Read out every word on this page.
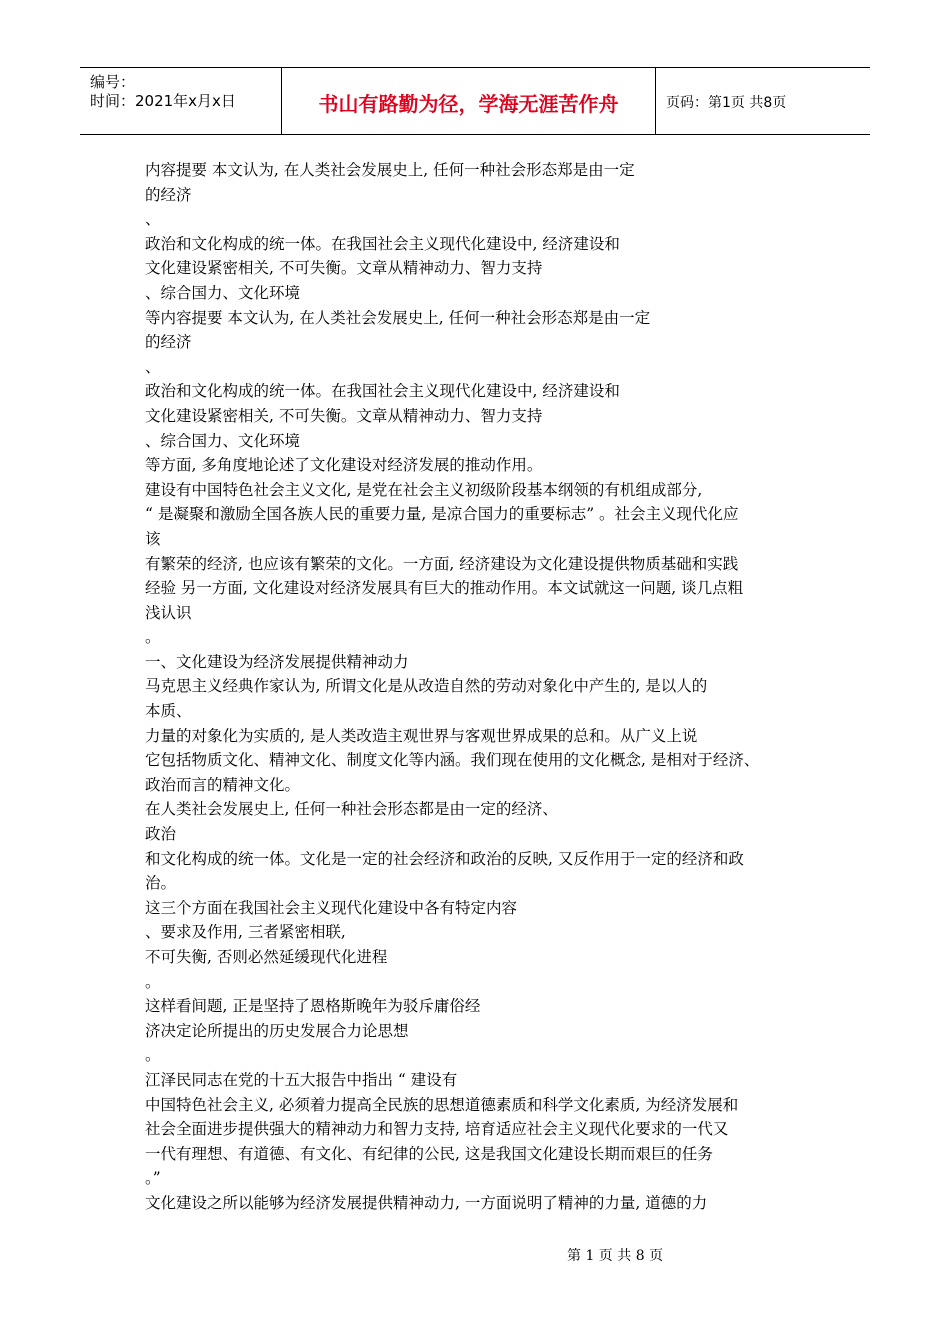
编号：
时间：2021年x月x日	书山有路勤为径，学海无涯苦作舟	页码：第1页 共8页
内容提要 本文认为, 在人类社会发展史上, 任何一种社会形态郑是由一定
的经济
、
政治和文化构成的统一体。在我国社会主义现代化建设中, 经济建设和
文化建设紧密相关, 不可失衡。文章从精神动力、智力支持
、综合国力、文化环境
等内容提要 本文认为, 在人类社会发展史上, 任何一种社会形态郑是由一定
的经济
、
政治和文化构成的统一体。在我国社会主义现代化建设中, 经济建设和
文化建设紧密相关, 不可失衡。文章从精神动力、智力支持
、综合国力、文化环境
等方面, 多角度地论述了文化建设对经济发展的推动作用。
建设有中国特色社会主义文化, 是党在社会主义初级阶段基本纲领的有机组成部分,
“ 是凝聚和激励全国各族人民的重要力量, 是凉合国力的重要标志” 。社会主义现代化应
该
有繁荣的经济, 也应该有繁荣的文化。一方面, 经济建设为文化建设提供物质基础和实践
经验 另一方面, 文化建设对经济发展具有巨大的推动作用。本文试就这一问题, 谈几点粗
浅认识
。
一、文化建设为经济发展提供精神动力
马克思主义经典作家认为, 所谓文化是从改造自然的劳动对象化中产生的, 是以人的
本质、
力量的对象化为实质的, 是人类改造主观世界与客观世界成果的总和。从广义上说
它包括物质文化、精神文化、制度文化等内涵。我们现在使用的文化概念, 是相对于经济、
政治而言的精神文化。
在人类社会发展史上, 任何一种社会形态都是由一定的经济、
政治
和文化构成的统一体。文化是一定的社会经济和政治的反映, 又反作用于一定的经济和政
治。
这三个方面在我国社会主义现代化建设中各有特定内容
、要求及作用, 三者紧密相联,
不可失衡, 否则必然延缓现代化进程
。
这样看间题, 正是坚持了恩格斯晚年为驳斥庸俗经
济决定论所提出的历史发展合力论思想
。
江泽民同志在党的十五大报告中指出 “ 建设有
中国特色社会主义, 必须着力提高全民族的思想道德素质和科学文化素质, 为经济发展和
社会全面进步提供强大的精神动力和智力支持, 培育适应社会主义现代化要求的一代又
一代有理想、有道德、有文化、有纪律的公民, 这是我国文化建设长期而艰巨的任务
。”
文化建设之所以能够为经济发展提供精神动力, 一方面说明了精神的力量, 道德的力
第 1 页 共 8 页
